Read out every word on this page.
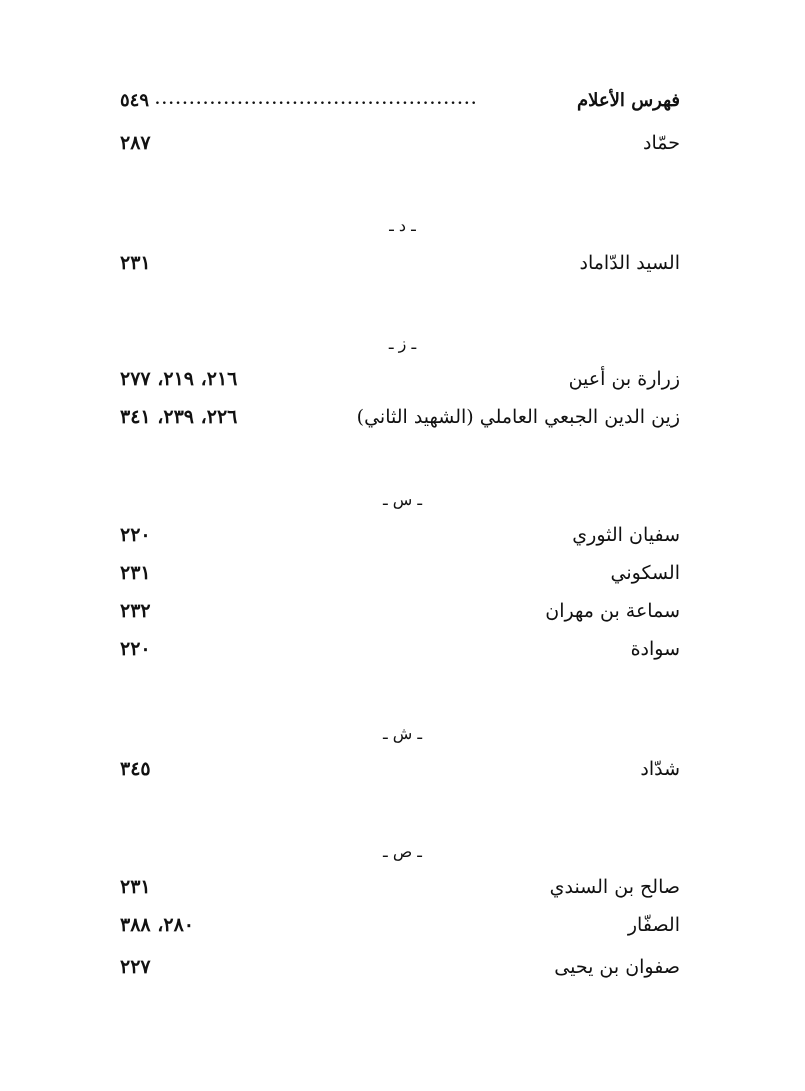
فهرس الأعلام
...............................................
٥٤٩
حمّاد
٢٨٧
ـ د ـ
السيد الدّاماد
٢٣١
ـ ز ـ
زرارة بن أعين
٢١٦، ٢١٩، ٢٧٧
زين الدين الجبعي العاملي (الشهيد الثاني)
٢٢٦، ٢٣٩، ٣٤١
ـ س ـ
سفيان الثوري
٢٢٠
السكوني
٢٣١
سماعة بن مهران
٢٣٢
سوادة
٢٢٠
ـ ش ـ
شدّاد
٣٤٥
ـ ص ـ
صالح بن السندي
٢٣١
الصفّار
٢٨٠، ٣٨٨
صفوان بن يحيى
٢٢٧
